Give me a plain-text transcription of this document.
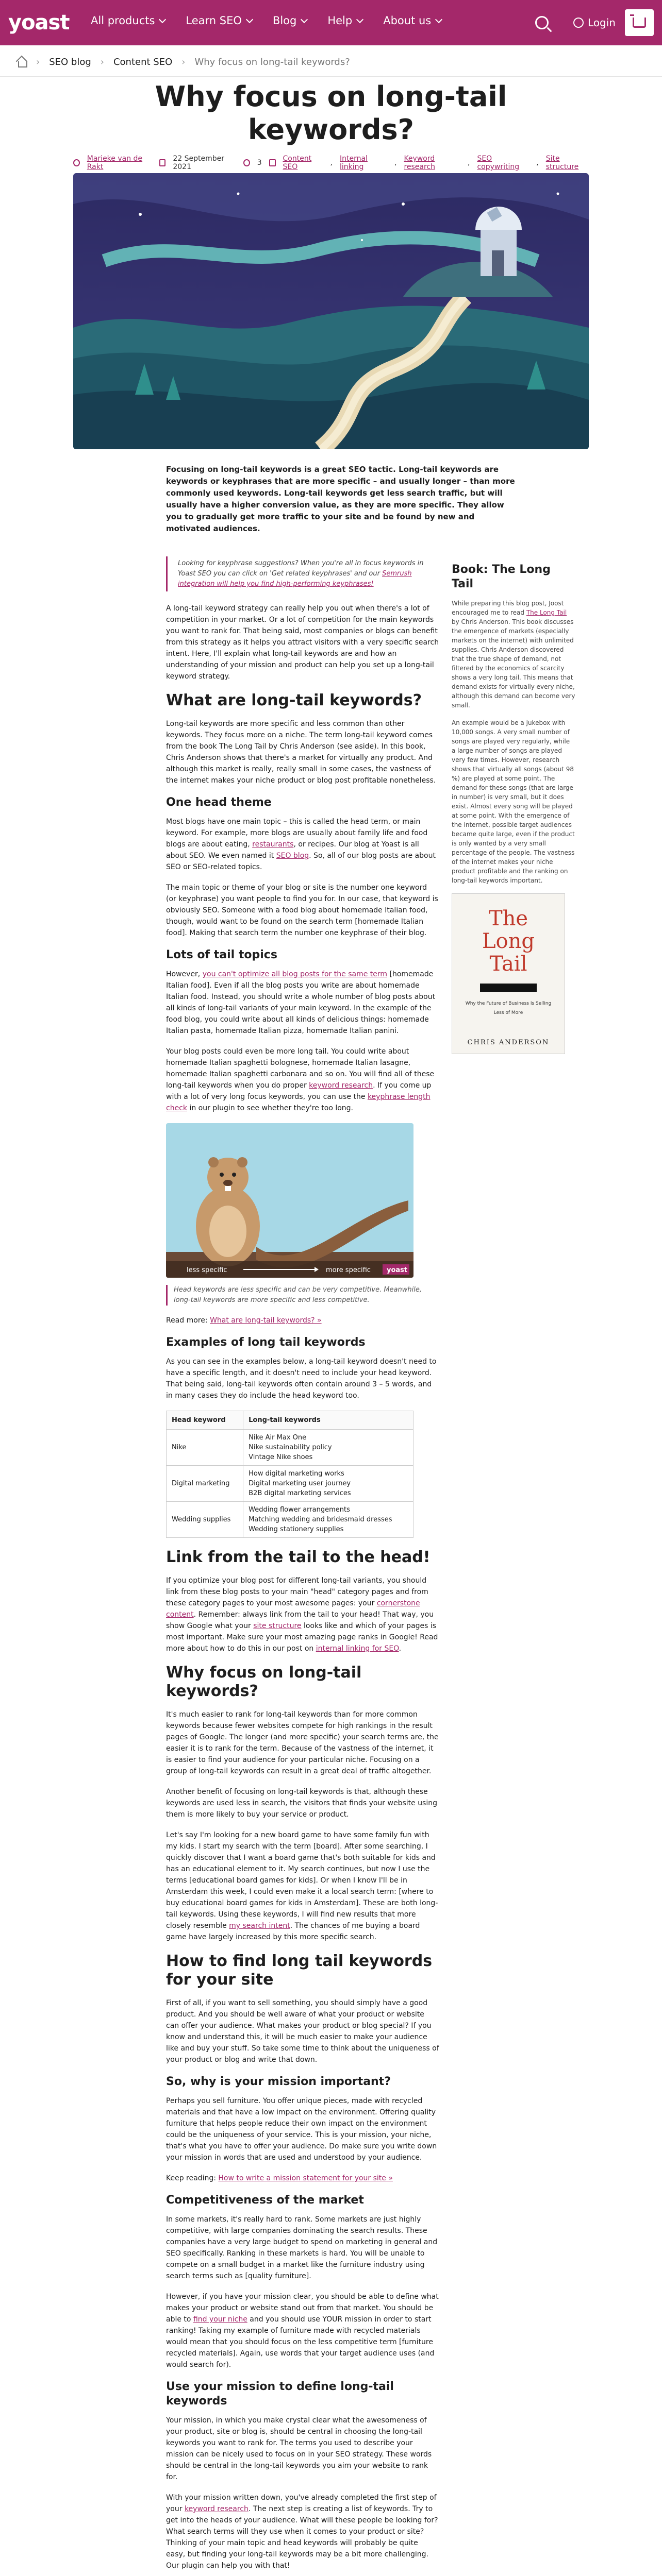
yoast All products	Learn SEO	Blog	Help	About us	Login
› SEO blog › Content SEO › Why focus on long-tail keywords?
Why focus on long-tail keywords?
Marieke van de Rakt
22 September 2021	3	Content SEO	, Internal linking	, Keyword research	, SEO copywriting	, Site structure

Focusing on long-tail keywords is a great SEO tactic. Long-tail keywords are keywords or keyphrases that are more specific – and usually longer – than more commonly used keywords. Long-tail keywords get less search traffic, but will usually have a higher conversion value, as they are more specific. They allow you to gradually get more traffic to your site and be found by new and motivated audiences.

Looking for keyphrase suggestions? When you're all in focus keywords in Yoast SEO you can click on 'Get related keyphrases' and our Semrush integration will help you find high-performing keyphrases!

A long-tail keyword strategy can really help you out when there's a lot of competition in your market. Or a lot of competition for the main keywords you want to rank for. That being said, most companies or blogs can benefit from this strategy as it helps you attract visitors with a very specific search intent. Here, I'll explain what long-tail keywords are and how an understanding of your mission and product can help you set up a long-tail keyword strategy.

What are long-tail keywords?

Long-tail keywords are more specific and less common than other keywords. They focus more on a niche. The term long-tail keyword comes from the book The Long Tail by Chris Anderson (see aside). In this book, Chris Anderson shows that there's a market for virtually any product. And although this market is really, really small in some cases, the vastness of the internet makes your niche product or blog post profitable nonetheless.

One head theme

Most blogs have one main topic – this is called the head term, or main keyword. For example, more blogs are usually about family life and food blogs are about eating, restaurants, or recipes. Our blog at Yoast is all about SEO. We even named it SEO blog. So, all of our blog posts are about SEO or SEO-related topics.

The main topic or theme of your blog or site is the number one keyword (or keyphrase) you want people to find you for. In our case, that keyword is obviously SEO. Someone with a food blog about homemade Italian food, though, would want to be found on the search term [homemade Italian food]. Making that search term the number one keyphrase of their blog.

Lots of tail topics

However, you can't optimize all blog posts for the same term [homemade Italian food]. Even if all the blog posts you write are about homemade Italian food. Instead, you should write a whole number of blog posts about all kinds of long-tail variants of your main keyword. In the example of the food blog, you could write about all kinds of delicious things: homemade Italian pasta, homemade Italian pizza, homemade Italian panini.

Your blog posts could even be more long tail. You could write about homemade Italian spaghetti bolognese, homemade Italian lasagne, homemade Italian spaghetti carbonara and so on. You will find all of these long-tail keywords when you do proper keyword research. If you come up with a lot of very long focus keywords, you can use the keyphrase length check in our plugin to see whether they're too long.

less specific	more specific yoast

Head keywords are less specific and can be very competitive. Meanwhile, long-tail keywords are more specific and less competitive.

Read more: What are long-tail keywords? »

Examples of long tail keywords

As you can see in the examples below, a long-tail keyword doesn't need to have a specific length, and it doesn't need to include your head keyword. That being said, long-tail keywords often contain around 3 – 5 words, and in many cases they do include the head keyword too.

Head keyword	Long-tail keywords
Nike	Nike Air Max One
Nike sustainability policy
Vintage Nike shoes

Digital marketing	How digital marketing works
Digital marketing user journey
B2B digital marketing services

Wedding supplies	Wedding flower arrangements
Matching wedding and bridesmaid dresses
Wedding stationery supplies
Link from the tail to the head!

If you optimize your blog post for different long-tail variants, you should link from these blog posts to your main "head" category pages and from these category pages to your most awesome pages: your cornerstone content. Remember: always link from the tail to your head! That way, you show Google what your site structure looks like and which of your pages is most important. Make sure your most amazing page ranks in Google! Read more about how to do this in our post on internal linking for SEO.

Why focus on long-tail keywords?

It's much easier to rank for long-tail keywords than for more common keywords because fewer websites compete for high rankings in the result pages of Google. The longer (and more specific) your search terms are, the easier it is to rank for the term. Because of the vastness of the internet, it is easier to find your audience for your particular niche. Focusing on a group of long-tail keywords can result in a great deal of traffic altogether.

Another benefit of focusing on long-tail keywords is that, although these keywords are used less in search, the visitors that finds your website using them is more likely to buy your service or product.

Let's say I'm looking for a new board game to have some family fun with my kids. I start my search with the term [board]. After some searching, I quickly discover that I want a board game that's both suitable for kids and has an educational element to it. My search continues, but now I use the terms [educational board games for kids]. Or when I know I'll be in Amsterdam this week, I could even make it a local search term: [where to buy educational board games for kids in Amsterdam]. These are both long-tail keywords. Using these keywords, I will find new results that more closely resemble my search intent. The chances of me buying a board game have largely increased by this more specific search.

How to find long tail keywords for your site

First of all, if you want to sell something, you should simply have a good product. And you should be well aware of what your product or website can offer your audience. What makes your product or blog special? If you know and understand this, it will be much easier to make your audience like and buy your stuff. So take some time to think about the uniqueness of your product or blog and write that down.

So, why is your mission important?

Perhaps you sell furniture. You offer unique pieces, made with recycled materials and that have a low impact on the environment. Offering quality furniture that helps people reduce their own impact on the environment could be the uniqueness of your service. This is your mission, your niche, that's what you have to offer your audience. Do make sure you write down your mission in words that are used and understood by your audience.

Keep reading: How to write a mission statement for your site »

Competitiveness of the market

In some markets, it's really hard to rank. Some markets are just highly competitive, with large companies dominating the search results. These companies have a very large budget to spend on marketing in general and SEO specifically. Ranking in these markets is hard. You will be unable to compete on a small budget in a market like the furniture industry using search terms such as [quality furniture].

However, if you have your mission clear, you should be able to define what makes your product or website stand out from that market. You should be able to find your niche and you should use YOUR mission in order to start ranking! Taking my example of furniture made with recycled materials would mean that you should focus on the less competitive term [furniture recycled materials]. Again, use words that your target audience uses (and would search for).

Use your mission to define long-tail keywords

Your mission, in which you make crystal clear what the awesomeness of your product, site or blog is, should be central in choosing the long-tail keywords you want to rank for. The terms you used to describe your mission can be nicely used to focus on in your SEO strategy. These words should be central in the long-tail keywords you aim your website to rank for.

With your mission written down, you've already completed the first step of your keyword research. The next step is creating a list of keywords. Try to get into the heads of your audience. What will these people be looking for? What search terms will they use when it comes to your product or site? Thinking of your main topic and head keywords will probably be quite easy, but finding your long-tail keywords may be a bit more challenging. Our plugin can help you with that!

Book: The Long Tail

While preparing this blog post, Joost encouraged me to read The Long Tail by Chris Anderson. This book discusses the emergence of markets (especially markets on the internet) with unlimited supplies. Chris Anderson discovered that the true shape of demand, not filtered by the economics of scarcity shows a very long tail. This means that demand exists for virtually every niche, although this demand can become very small.

An example would be a jukebox with 10,000 songs. A very small number of songs are played very regularly, while a large number of songs are played very few times. However, research shows that virtually all songs (about 98 %) are played at some point. The demand for these songs (that are large in number) is very small, but it does exist. Almost every song will be played at some point. With the emergence of the internet, possible target audiences became quite large, even if the product is only wanted by a very small percentage of the people. The vastness of the internet makes your niche product profitable and the ranking on long-tail keywords important.

The Long Tail
Why the Future of Business Is Selling Less of More
CHRIS ANDERSON
